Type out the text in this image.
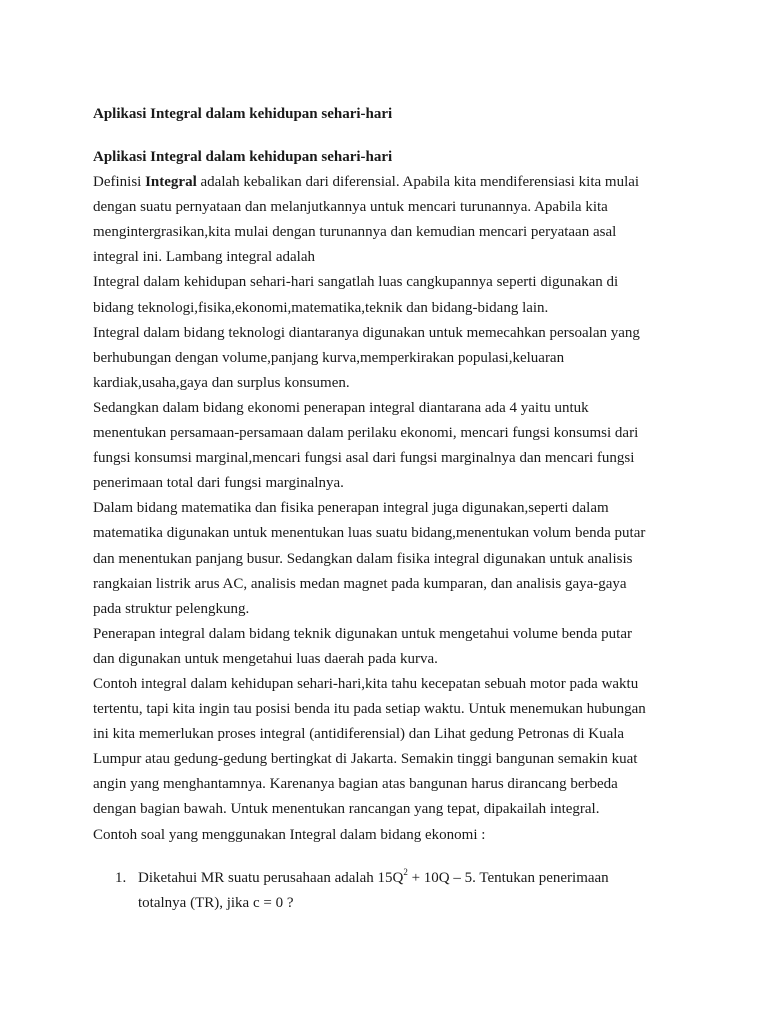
Aplikasi Integral dalam kehidupan sehari-hari
Aplikasi Integral dalam kehidupan sehari-hari
Definisi Integral adalah kebalikan dari diferensial. Apabila kita mendiferensiasi kita mulai
dengan suatu pernyataan dan melanjutkannya untuk mencari turunannya. Apabila kita
mengintergrasikan,kita mulai dengan turunannya dan kemudian mencari peryataan asal
integral ini. Lambang integral adalah
Integral dalam kehidupan sehari-hari sangatlah luas cangkupannya seperti digunakan di
bidang teknologi,fisika,ekonomi,matematika,teknik dan bidang-bidang lain.
Integral dalam bidang teknologi diantaranya digunakan untuk memecahkan persoalan yang
berhubungan dengan volume,panjang kurva,memperkirakan populasi,keluaran
kardiak,usaha,gaya dan surplus konsumen.
Sedangkan dalam bidang ekonomi penerapan integral diantarana ada 4 yaitu untuk
menentukan persamaan-persamaan dalam perilaku ekonomi, mencari fungsi konsumsi dari
fungsi konsumsi marginal,mencari fungsi asal dari fungsi marginalnya dan mencari fungsi
penerimaan total dari fungsi marginalnya.
Dalam bidang matematika dan fisika penerapan integral juga digunakan,seperti dalam
matematika digunakan untuk menentukan luas suatu bidang,menentukan volum benda putar
dan menentukan panjang busur. Sedangkan dalam fisika integral digunakan untuk analisis
rangkaian listrik arus AC, analisis medan magnet pada kumparan, dan analisis gaya-gaya
pada struktur pelengkung.
Penerapan integral dalam bidang teknik digunakan untuk mengetahui volume benda putar
dan digunakan untuk mengetahui luas daerah pada kurva.
Contoh integral dalam kehidupan sehari-hari,kita tahu kecepatan sebuah motor pada waktu
tertentu, tapi kita ingin tau posisi benda itu pada setiap waktu. Untuk menemukan hubungan
ini kita memerlukan proses integral (antidiferensial) dan Lihat gedung Petronas di Kuala
Lumpur atau gedung-gedung bertingkat di Jakarta. Semakin tinggi bangunan semakin kuat
angin yang menghantamnya. Karenanya bagian atas bangunan harus dirancang berbeda
dengan bagian bawah. Untuk menentukan rancangan yang tepat, dipakailah integral.
Contoh soal yang menggunakan Integral dalam bidang ekonomi :
1. Diketahui MR suatu perusahaan adalah $15Q^2 + 10Q - 5$. Tentukan penerimaan
totalnya (TR), jika c = 0 ?
